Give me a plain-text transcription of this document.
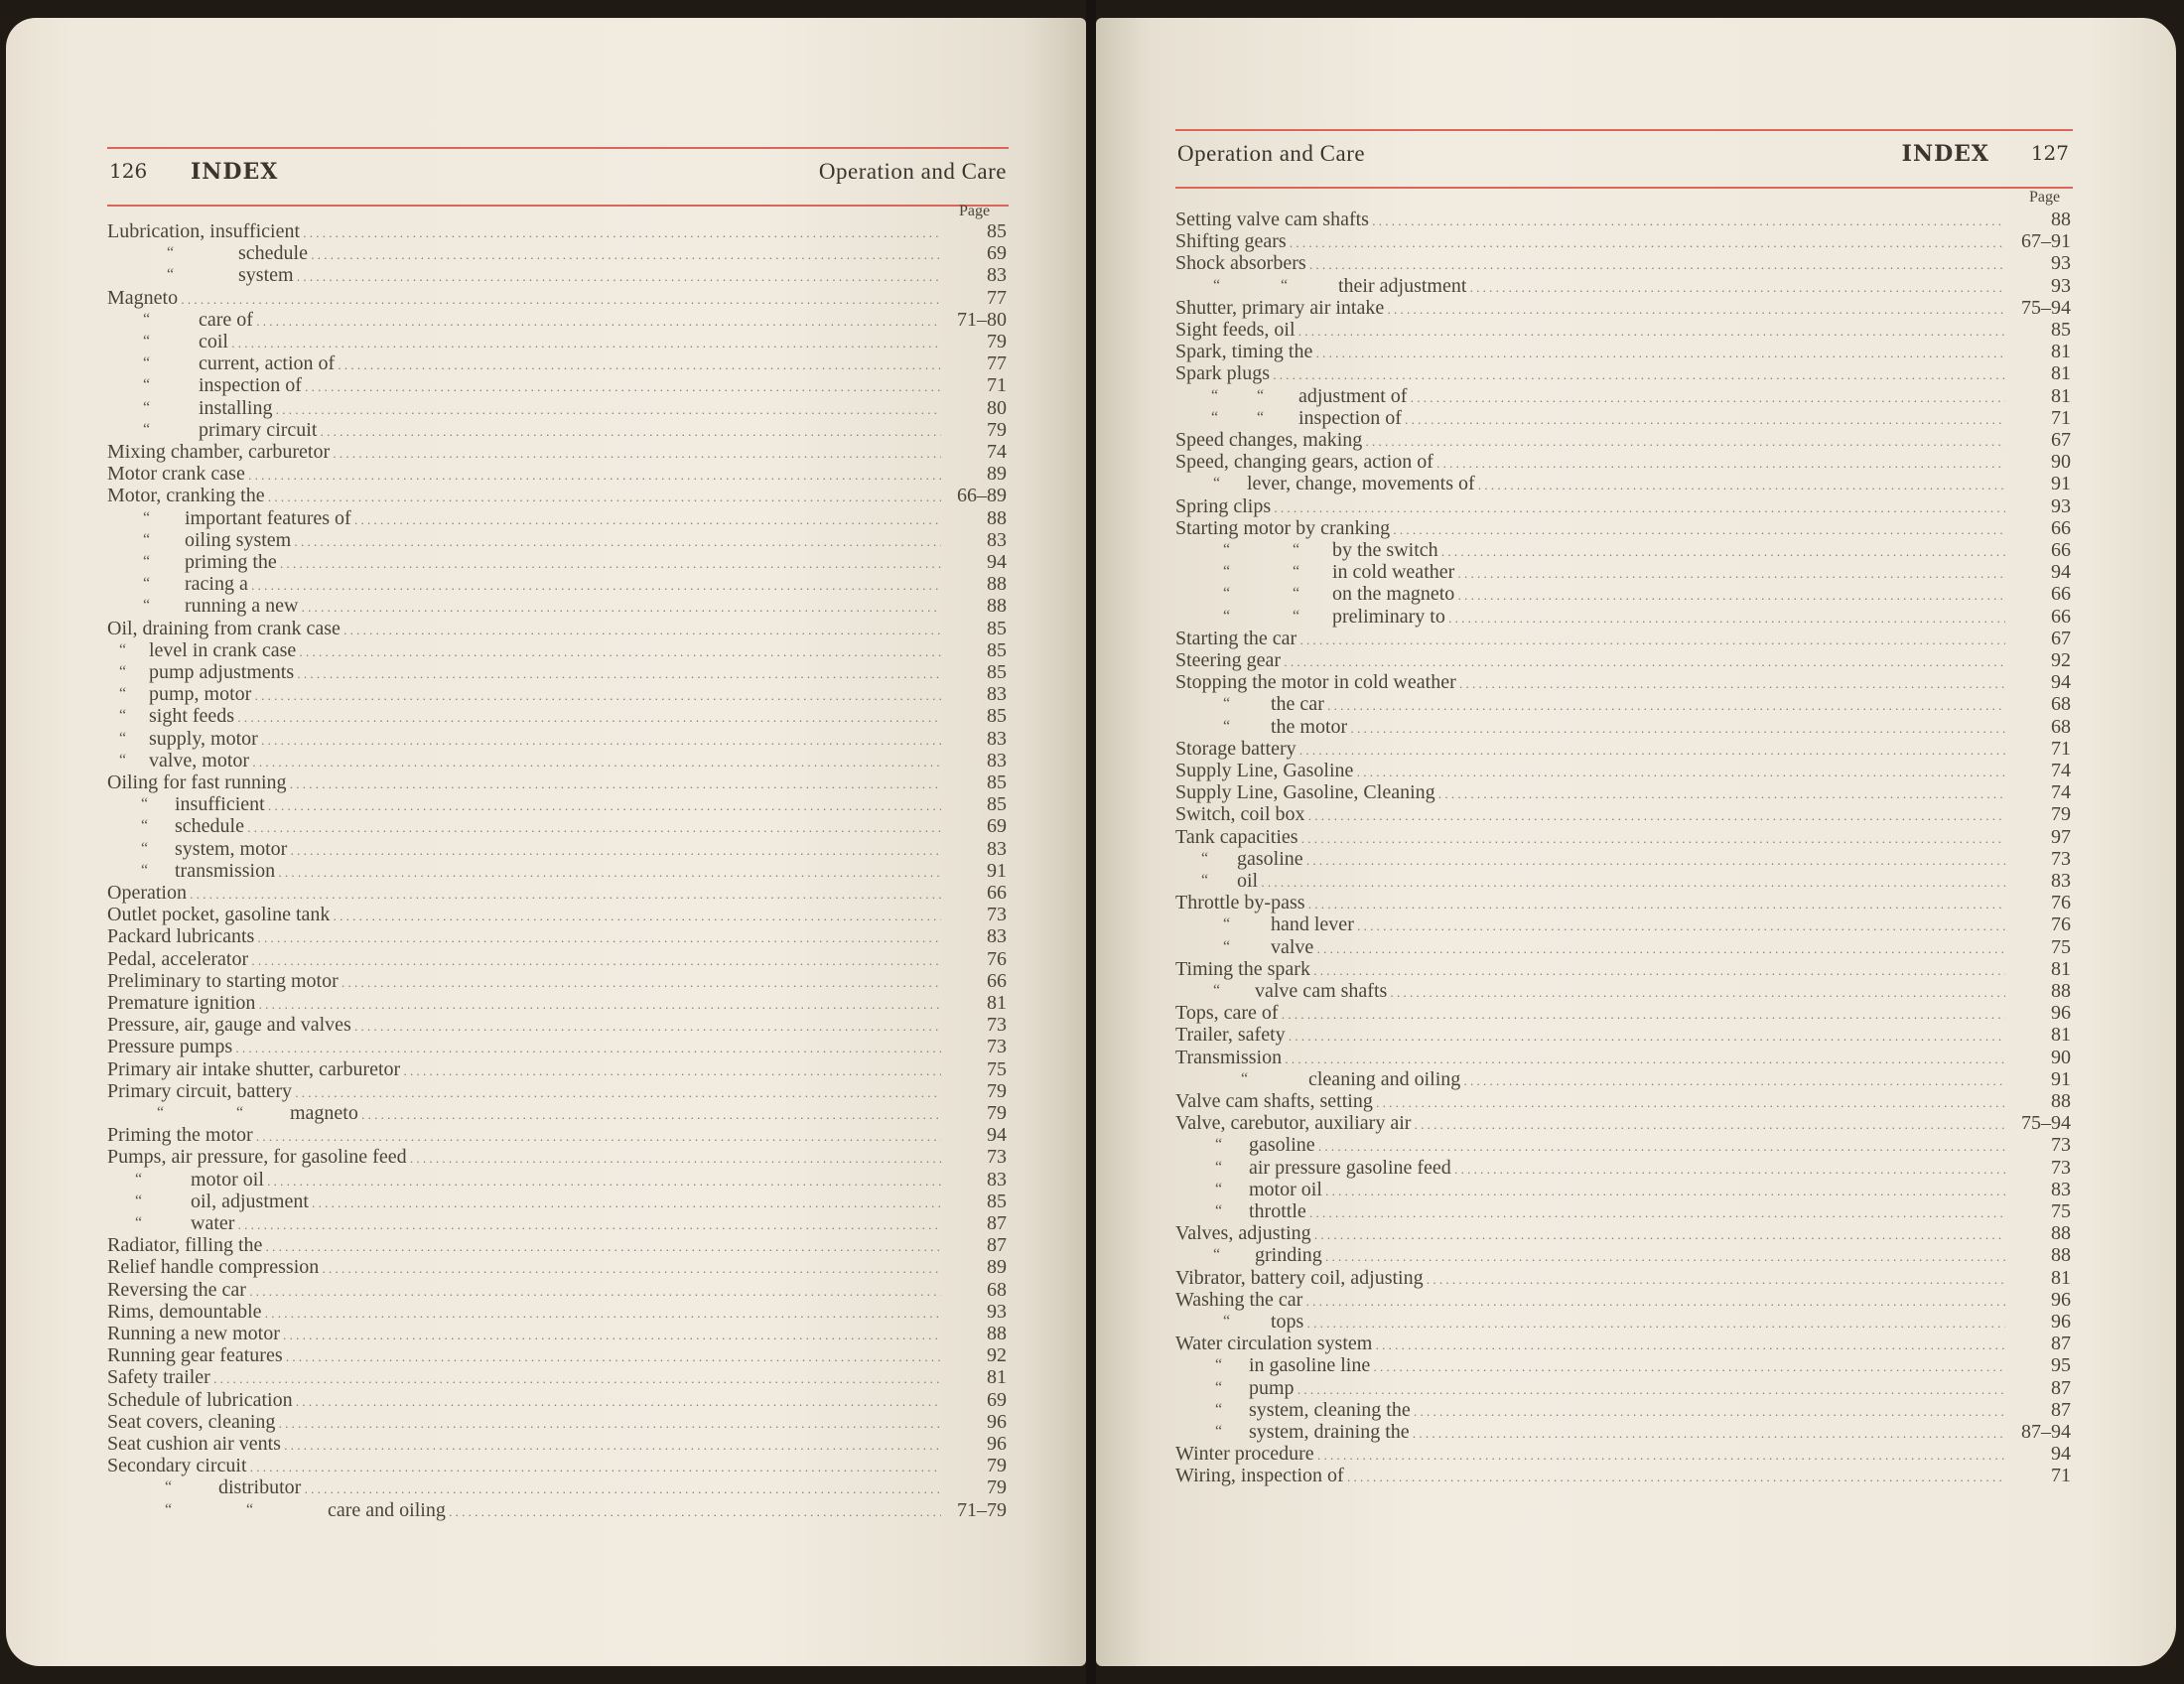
126 INDEX	Operation and Care
Page
Lubrication, insufficient . . .	85
“	schedule . . .	69
“	system . . .	83
Magneto . . .	77
“ care of . . .	71–80
“ coil . . .	79
“ current, action of . . .	77
“ inspection of . . .	71
“ installing . . .	80
“ primary circuit . . .	79
Mixing chamber, carburetor . . .	74
Motor crank case . . .	89
Motor, cranking the . . .	66–89
“ important features of . . .	88
“ oiling system . . .	83
“ priming the . . .	94
“ racing a . . .	88
“ running a new . . .	88
Oil, draining from crank case . . .	85
“ level in crank case . . .	85
“ pump adjustments . . .	85
“ pump, motor . . .	83
“ sight feeds . . .	85
“ supply, motor . . .	83
“ valve, motor . . .	83
Oiling for fast running . . .	85
“ insufficient . . .	85
“ schedule . . .	69
“ system, motor . . .	83
“ transmission . . .	91
Operation . . .	66
Outlet pocket, gasoline tank . . .	73
Packard lubricants . . .	83
Pedal, accelerator . . .	76
Preliminary to starting motor . . .	66
Premature ignition . . .	81
Pressure, air, gauge and valves . . .	73
Pressure pumps . . .	73
Primary air intake shutter, carburetor . . .	75
Primary circuit, battery . . .	79
“	“ magneto . . .	79
Priming the motor . . .	94
Pumps, air pressure, for gasoline feed . . .	73
“ motor oil . . .	83
“ oil, adjustment . . .	85
“ water . . .	87
Radiator, filling the . . .	87
Relief handle compression . . .	89
Reversing the car . . .	68
Rims, demountable . . .	93
Running a new motor . . .	88
Running gear features . . .	92
Safety trailer . . .	81
Schedule of lubrication . . .	69
Seat covers, cleaning . . .	96
Seat cushion air vents . . .	96
Secondary circuit . . .	79
“ distributor . . .	79
“	“	care and oiling . . .	71–79
Operation and Care	INDEX 127
Page
Setting valve cam shafts . . .	88
Shifting gears . . .	67–91
Shock absorbers . . .	93
“	“	their adjustment . . .	93
Shutter, primary air intake . . .	75–94
Sight feeds, oil . . .	85
Spark, timing the . . .	81
Spark plugs . . .	81
“ “ adjustment of . . .	81
“ “ inspection of . . .	71
Speed changes, making . . .	67
Speed, changing gears, action of . . .	90
“ lever, change, movements of . . .	91
Spring clips . . .	93
Starting motor by cranking . . .	66
“	“ by the switch . . .	66
“	“ in cold weather . . .	94
“	“ on the magneto . . .	66
“	“ preliminary to . . .	66
Starting the car . . .	67
Steering gear . . .	92
Stopping the motor in cold weather . . .	94
“ the car . . .	68
“ the motor . . .	68
Storage battery . . .	71
Supply Line, Gasoline . . .	74
Supply Line, Gasoline, Cleaning . . .	74
Switch, coil box . . .	79
Tank capacities . . .	97
“ gasoline . . .	73
“ oil . . .	83
Throttle by-pass . . .	76
“ hand lever . . .	76
“ valve . . .	75
Timing the spark . . .	81
“ valve cam shafts . . .	88
Tops, care of . . .	96
Trailer, safety . . .	81
Transmission . . .	90
“	cleaning and oiling . . .	91
Valve cam shafts, setting . . .	88
Valve, carebutor, auxiliary air . . .	75–94
“ gasoline . . .	73
“ air pressure gasoline feed . . .	73
“ motor oil . . .	83
“ throttle . . .	75
Valves, adjusting . . .	88
“ grinding . . .	88
Vibrator, battery coil, adjusting . . .	81
Washing the car . . .	96
“ tops . . .	96
Water circulation system . . .	87
“ in gasoline line . . .	95
“ pump . . .	87
“ system, cleaning the . . .	87
“ system, draining the . . .	87–94
Winter procedure . . .	94
Wiring, inspection of . . .	71
